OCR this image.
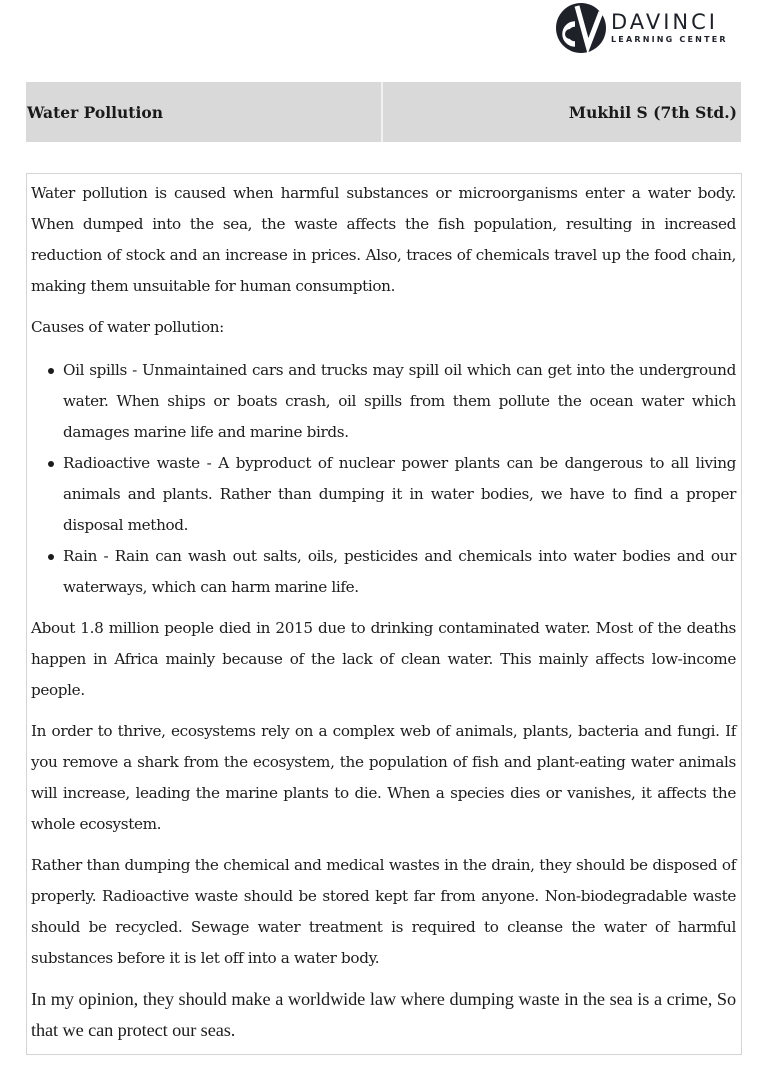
DAVINCI
LEARNING CENTER
Water Pollution	Mukhil S (7th Std.)

Water pollution is caused when harmful substances or microorganisms enter a water body. When dumped into the sea, the waste affects the fish population, resulting in increased reduction of stock and an increase in prices. Also, traces of chemicals travel up the food chain, making them unsuitable for human consumption.

Causes of water pollution:

Oil spills - Unmaintained cars and trucks may spill oil which can get into the underground water. When ships or boats crash, oil spills from them pollute the ocean water which damages marine life and marine birds.
Radioactive waste - A byproduct of nuclear power plants can be dangerous to all living animals and plants. Rather than dumping it in water bodies, we have to find a proper disposal method.
Rain - Rain can wash out salts, oils, pesticides and chemicals into water bodies and our waterways, which can harm marine life.

About 1.8 million people died in 2015 due to drinking contaminated water. Most of the deaths happen in Africa mainly because of the lack of clean water. This mainly affects low-income people.

In order to thrive, ecosystems rely on a complex web of animals, plants, bacteria and fungi. If you remove a shark from the ecosystem, the population of fish and plant-eating water animals will increase, leading the marine plants to die. When a species dies or vanishes, it affects the whole ecosystem.

Rather than dumping the chemical and medical wastes in the drain, they should be disposed of properly. Radioactive waste should be stored kept far from anyone. Non-biodegradable waste should be recycled. Sewage water treatment is required to cleanse the water of harmful substances before it is let off into a water body.

In my opinion, they should make a worldwide law where dumping waste in the sea is a crime, So that we can protect our seas.
